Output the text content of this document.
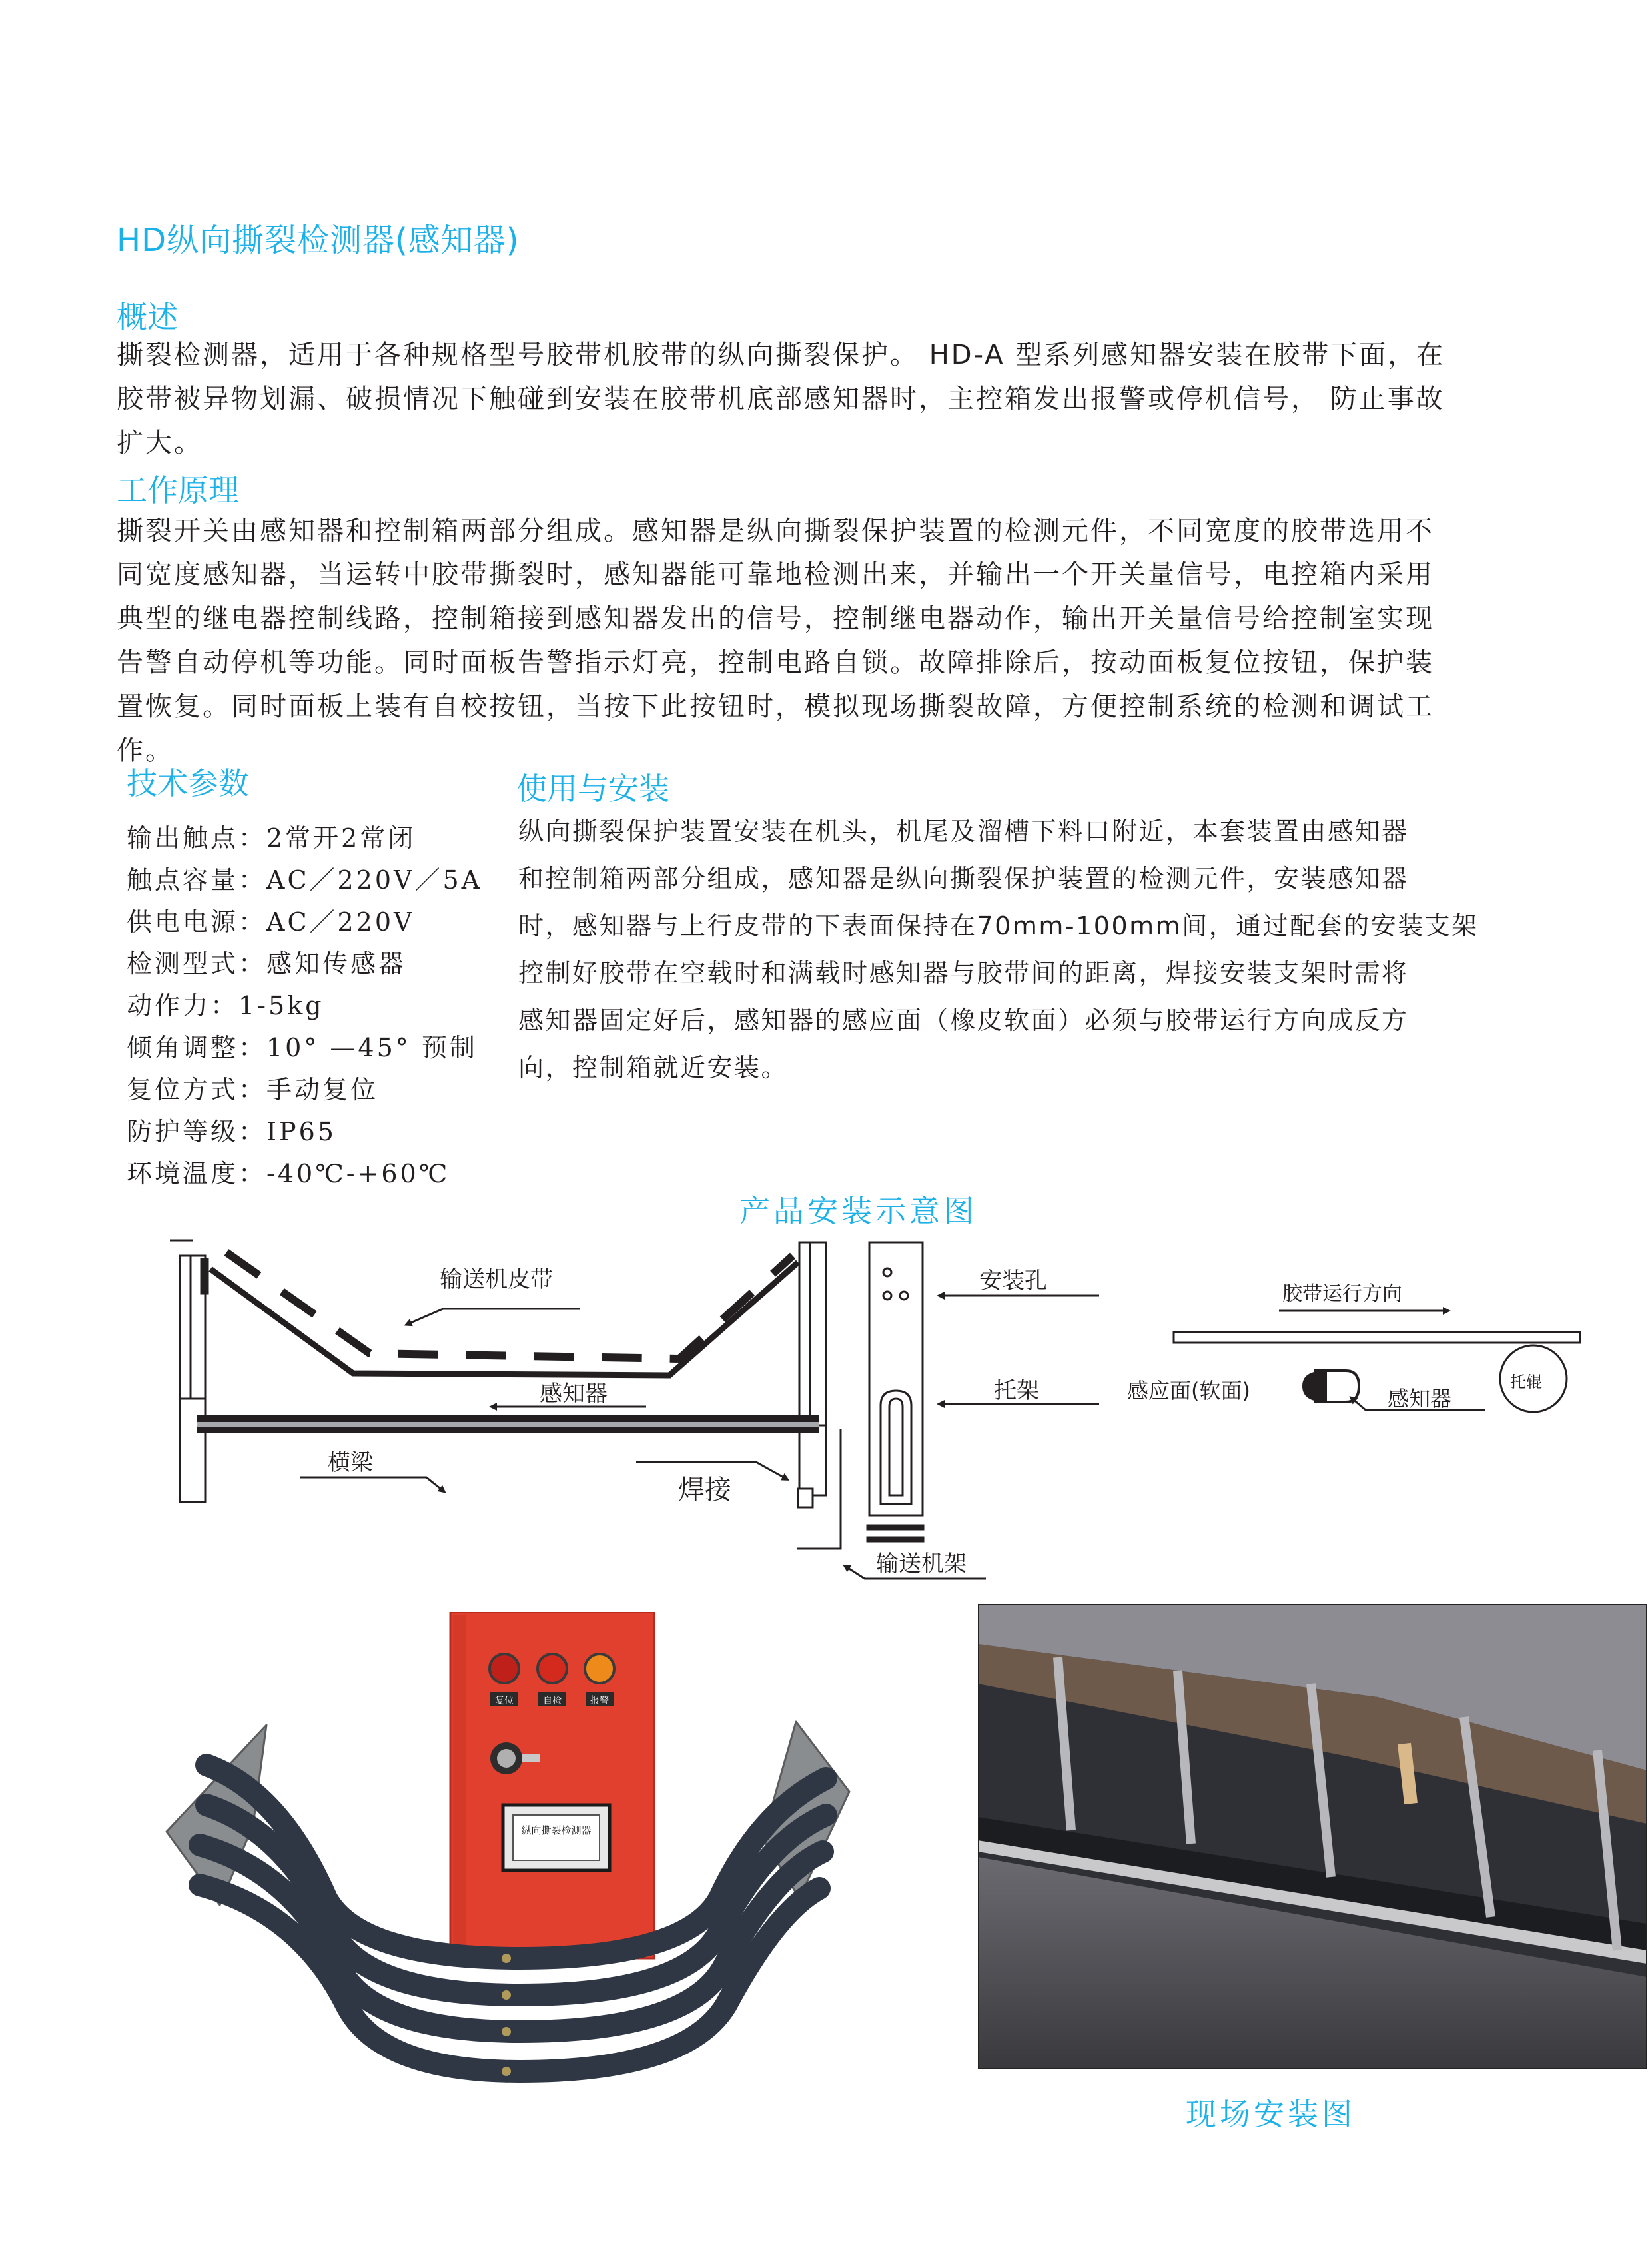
HD纵向撕裂检测器(感知器)
概述
撕裂检测器，适用于各种规格型号胶带机胶带的纵向撕裂保护。 HD-A 型系列感知器安装在胶带下面，在
胶带被异物划漏、破损情况下触碰到安装在胶带机底部感知器时，主控箱发出报警或停机信号， 防止事故
扩大。
工作原理
撕裂开关由感知器和控制箱两部分组成。感知器是纵向撕裂保护装置的检测元件，不同宽度的胶带选用不
同宽度感知器，当运转中胶带撕裂时，感知器能可靠地检测出来，并输出一个开关量信号，电控箱内采用
典型的继电器控制线路，控制箱接到感知器发出的信号，控制继电器动作，输出开关量信号给控制室实现
告警自动停机等功能。同时面板告警指示灯亮，控制电路自锁。故障排除后，按动面板复位按钮，保护装
置恢复。同时面板上装有自校按钮，当按下此按钮时，模拟现场撕裂故障，方便控制系统的检测和调试工
作。
技术参数
输出触点：2常开2常闭
触点容量：AC／220V／5A
供电电源：AC／220V
检测型式：感知传感器
动作力：1-5kg
倾角调整：10° —45° 预制
复位方式：手动复位
防护等级：IP65
环境温度：-40℃-+60℃
使用与安装
纵向撕裂保护装置安装在机头，机尾及溜槽下料口附近，本套装置由感知器
和控制箱两部分组成，感知器是纵向撕裂保护装置的检测元件，安装感知器
时，感知器与上行皮带的下表面保持在70mm-100mm间，通过配套的安装支架
控制好胶带在空载时和满载时感知器与胶带间的距离，焊接安装支架时需将
感知器固定好后，感知器的感应面（橡皮软面）必须与胶带运行方向成反方
向，控制箱就近安装。
产品安装示意图
输送机皮带
感知器
横梁
焊接
安装孔
托架
输送机架
胶带运行方向
感应面(软面)	感知器
托辊
复位	自检	报警
纵向撕裂检测器
现场安装图
